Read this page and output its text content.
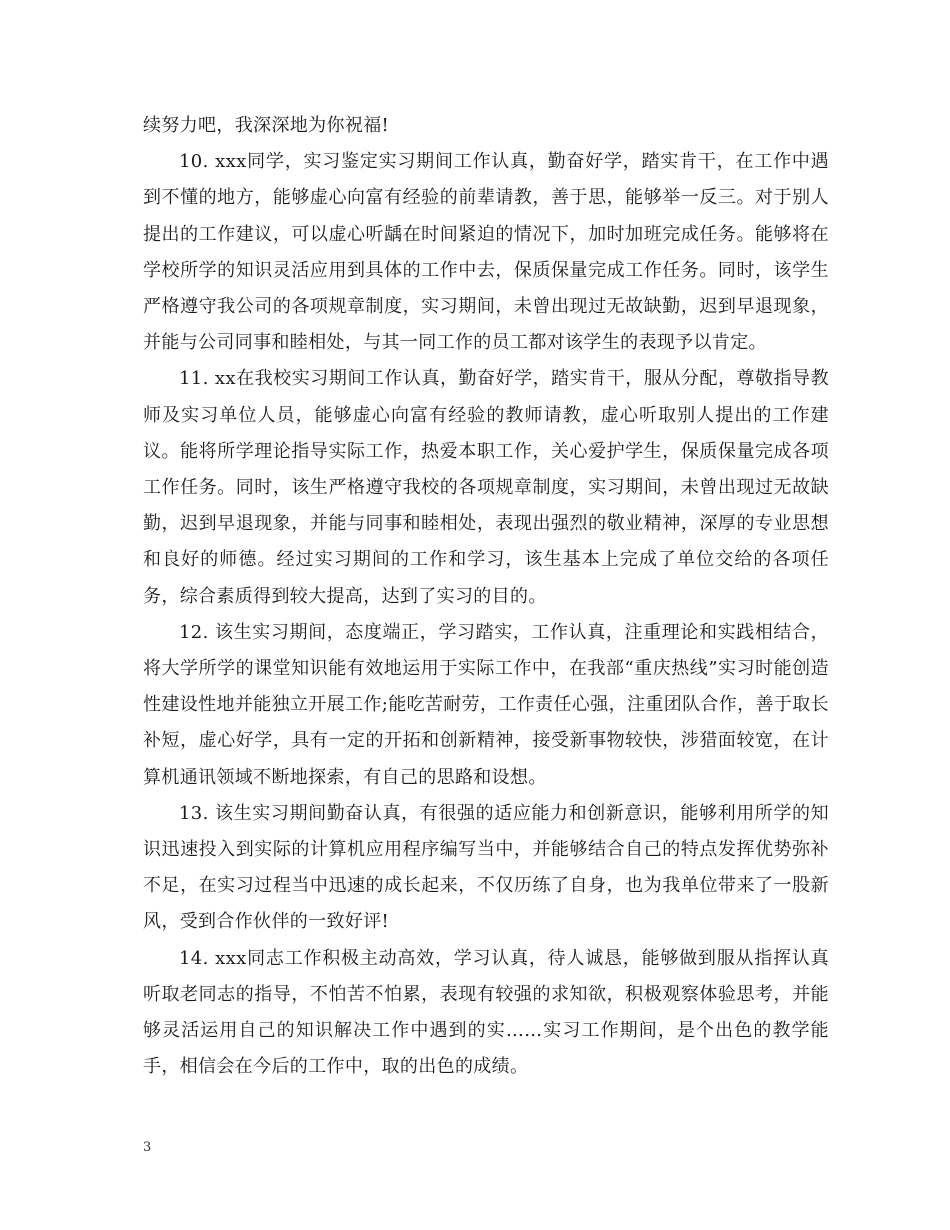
续努力吧，我深深地为你祝福!

10. xxx同学，实习鉴定实习期间工作认真，勤奋好学，踏实肯干，在工作中遇到不懂的地方，能够虚心向富有经验的前辈请教，善于思，能够举一反三。对于别人提出的工作建议，可以虚心听龋在时间紧迫的情况下，加时加班完成任务。能够将在学校所学的知识灵活应用到具体的工作中去，保质保量完成工作任务。同时，该学生严格遵守我公司的各项规章制度，实习期间，未曾出现过无故缺勤，迟到早退现象，并能与公司同事和睦相处，与其一同工作的员工都对该学生的表现予以肯定。

11. xx在我校实习期间工作认真，勤奋好学，踏实肯干，服从分配，尊敬指导教师及实习单位人员，能够虚心向富有经验的教师请教，虚心听取别人提出的工作建议。能将所学理论指导实际工作，热爱本职工作，关心爱护学生，保质保量完成各项工作任务。同时，该生严格遵守我校的各项规章制度，实习期间，未曾出现过无故缺勤，迟到早退现象，并能与同事和睦相处，表现出强烈的敬业精神，深厚的专业思想和良好的师德。经过实习期间的工作和学习，该生基本上完成了单位交给的各项任务，综合素质得到较大提高，达到了实习的目的。

12. 该生实习期间，态度端正，学习踏实，工作认真，注重理论和实践相结合，将大学所学的课堂知识能有效地运用于实际工作中，在我部“重庆热线”实习时能创造性建设性地并能独立开展工作;能吃苦耐劳，工作责任心强，注重团队合作，善于取长补短，虚心好学，具有一定的开拓和创新精神，接受新事物较快，涉猎面较宽，在计算机通讯领域不断地探索，有自己的思路和设想。

13. 该生实习期间勤奋认真，有很强的适应能力和创新意识，能够利用所学的知识迅速投入到实际的计算机应用程序编写当中，并能够结合自己的特点发挥优势弥补不足，在实习过程当中迅速的成长起来，不仅历练了自身，也为我单位带来了一股新风，受到合作伙伴的一致好评!

14. xxx同志工作积极主动高效，学习认真，待人诚恳，能够做到服从指挥认真听取老同志的指导，不怕苦不怕累，表现有较强的求知欲，积极观察体验思考，并能够灵活运用自己的知识解决工作中遇到的实……实习工作期间，是个出色的教学能手，相信会在今后的工作中，取的出色的成绩。

3
